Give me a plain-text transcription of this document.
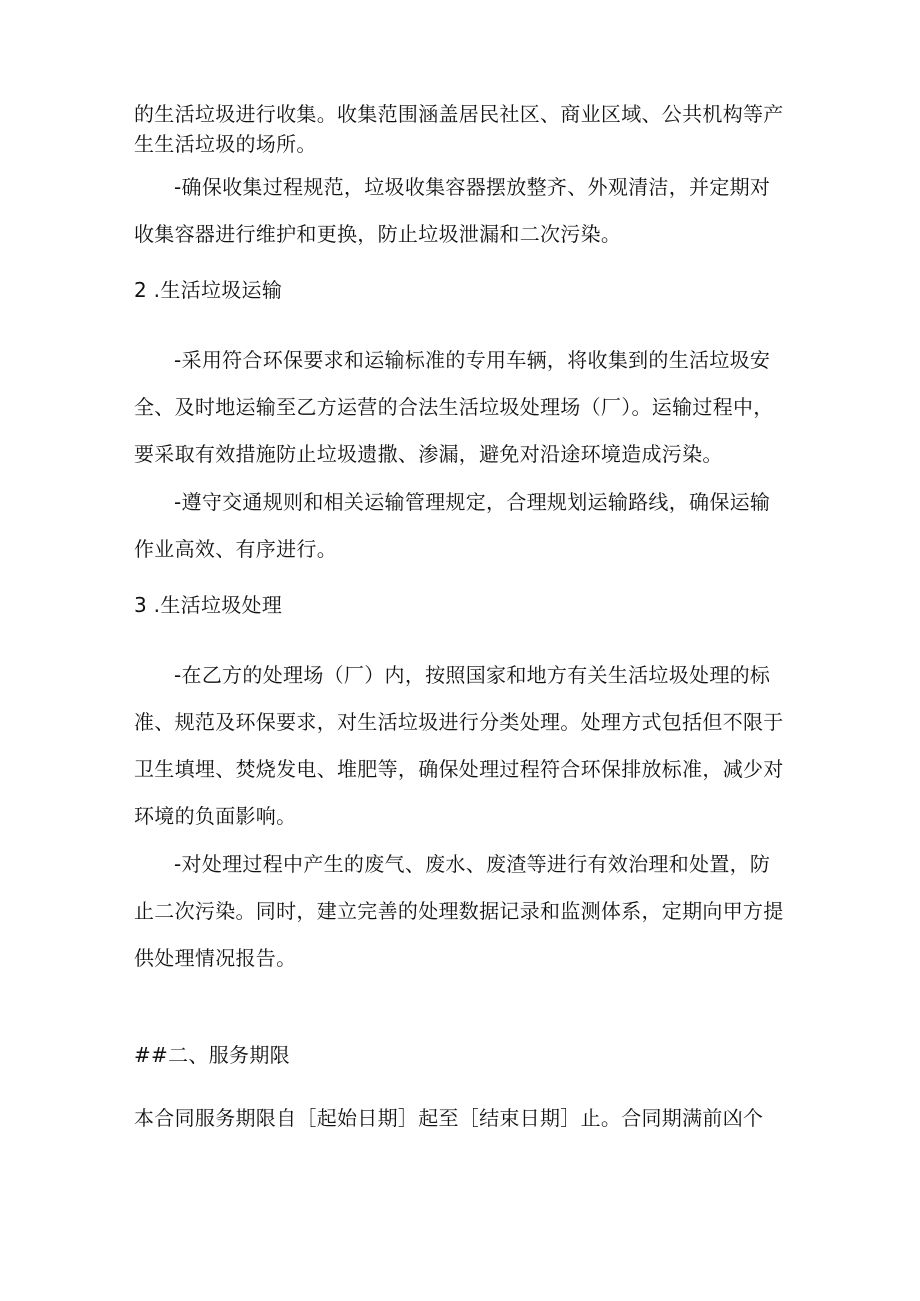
的生活垃圾进行收集。收集范围涵盖居民社区、商业区域、公共机构等产
生生活垃圾的场所。
-确保收集过程规范，垃圾收集容器摆放整齐、外观清洁，并定期对
收集容器进行维护和更换，防止垃圾泄漏和二次污染。
2 .生活垃圾运输
-采用符合环保要求和运输标准的专用车辆，将收集到的生活垃圾安
全、及时地运输至乙方运营的合法生活垃圾处理场（厂）。运输过程中，
要采取有效措施防止垃圾遗撒、渗漏，避免对沿途环境造成污染。
-遵守交通规则和相关运输管理规定，合理规划运输路线，确保运输
作业高效、有序进行。
3 .生活垃圾处理
-在乙方的处理场（厂）内，按照国家和地方有关生活垃圾处理的标
准、规范及环保要求，对生活垃圾进行分类处理。处理方式包括但不限于
卫生填埋、焚烧发电、堆肥等，确保处理过程符合环保排放标准，减少对
环境的负面影响。
-对处理过程中产生的废气、废水、废渣等进行有效治理和处置，防
止二次污染。同时，建立完善的处理数据记录和监测体系，定期向甲方提
供处理情况报告。
##二、服务期限
本合同服务期限自［起始日期］起至［结束日期］止。合同期满前凶个
